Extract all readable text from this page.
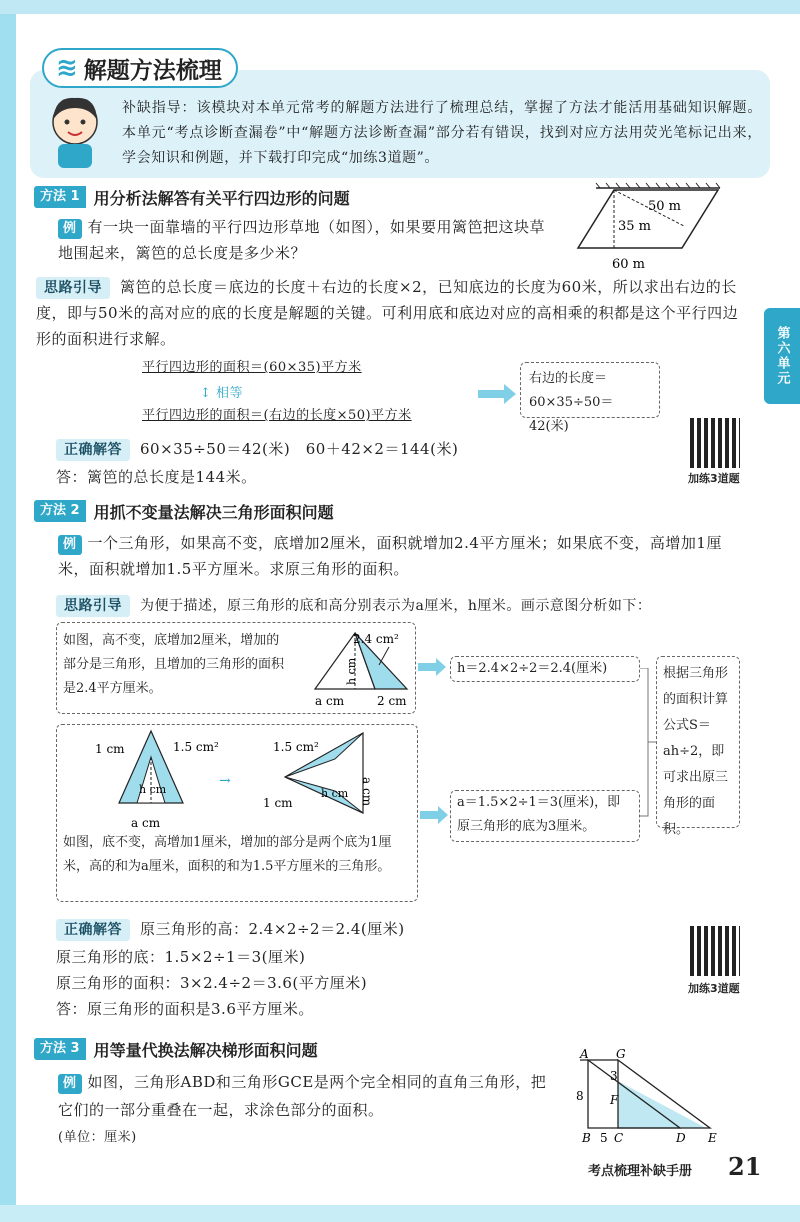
补缺指导：该模块对本单元常考的解题方法进行了梳理总结，掌握了方法才能活用基础知识解题。本单元“考点诊断查漏卷”中“解题方法诊断查漏”部分若有错误，找到对应方法用荧光笔标记出来，学会知识和例题，并下载打印完成“加练3道题”。
≋ 解题方法梳理
第六单元
方法 1 用分析法解答有关平行四边形的问题
例 有一块一面靠墙的平行四边形草地（如图），如果要用篱笆把这块草地围起来，篱笆的总长度是多少米？
50 m
35 m
60 m
思路引导 篱笆的总长度＝底边的长度＋右边的长度×2，已知底边的长度为60米，所以求出右边的长度，即与50米的高对应的底的长度是解题的关键。可利用底和底边对应的高相乘的积都是这个平行四边形的面积进行求解。
平行四边形的面积＝(60×35)平方米
↕ 相等
平行四边形的面积＝(右边的长度×50)平方米
右边的长度＝60×35÷50＝42(米)
加练3道题
正确解答 60×35÷50＝42(米)　60＋42×2＝144(米)
答：篱笆的总长度是144米。
方法 2 用抓不变量法解决三角形面积问题
例 一个三角形，如果高不变，底增加2厘米，面积就增加2.4平方厘米；如果底不变，高增加1厘米，面积就增加1.5平方厘米。求原三角形的面积。
思路引导 为便于描述，原三角形的底和高分别表示为a厘米，h厘米。画示意图分析如下：
如图，高不变，底增加2厘米，增加的部分是三角形，且增加的三角形的面积是2.4平方厘米。
2.4 cm²
h cm
a cm	2 cm
h＝2.4×2÷2＝2.4(厘米)
1 cm	1.5 cm²
h cm
a cm
→
1.5 cm²
h cm
1 cm	a cm
如图，底不变，高增加1厘米，增加的部分是两个底为1厘米，高的和为a厘米，面积的和为1.5平方厘米的三角形。
a＝1.5×2÷1＝3(厘米)，即原三角形的底为3厘米。
根据三角形的面积计算公式S＝ah÷2，即可求出原三角形的面积。
加练3道题
正确解答 原三角形的高：2.4×2÷2＝2.4(厘米)
原三角形的底：1.5×2÷1＝3(厘米)
原三角形的面积：3×2.4÷2＝3.6(平方厘米)
答：原三角形的面积是3.6平方厘米。
方法 3 用等量代换法解决梯形面积问题
例 如图，三角形ABD和三角形GCE是两个完全相同的直角三角形，把它们的一部分重叠在一起，求涂色部分的面积。
(单位：厘米)
A G
3
F
8
B 5 C	D E
考点梳理补缺手册 21
